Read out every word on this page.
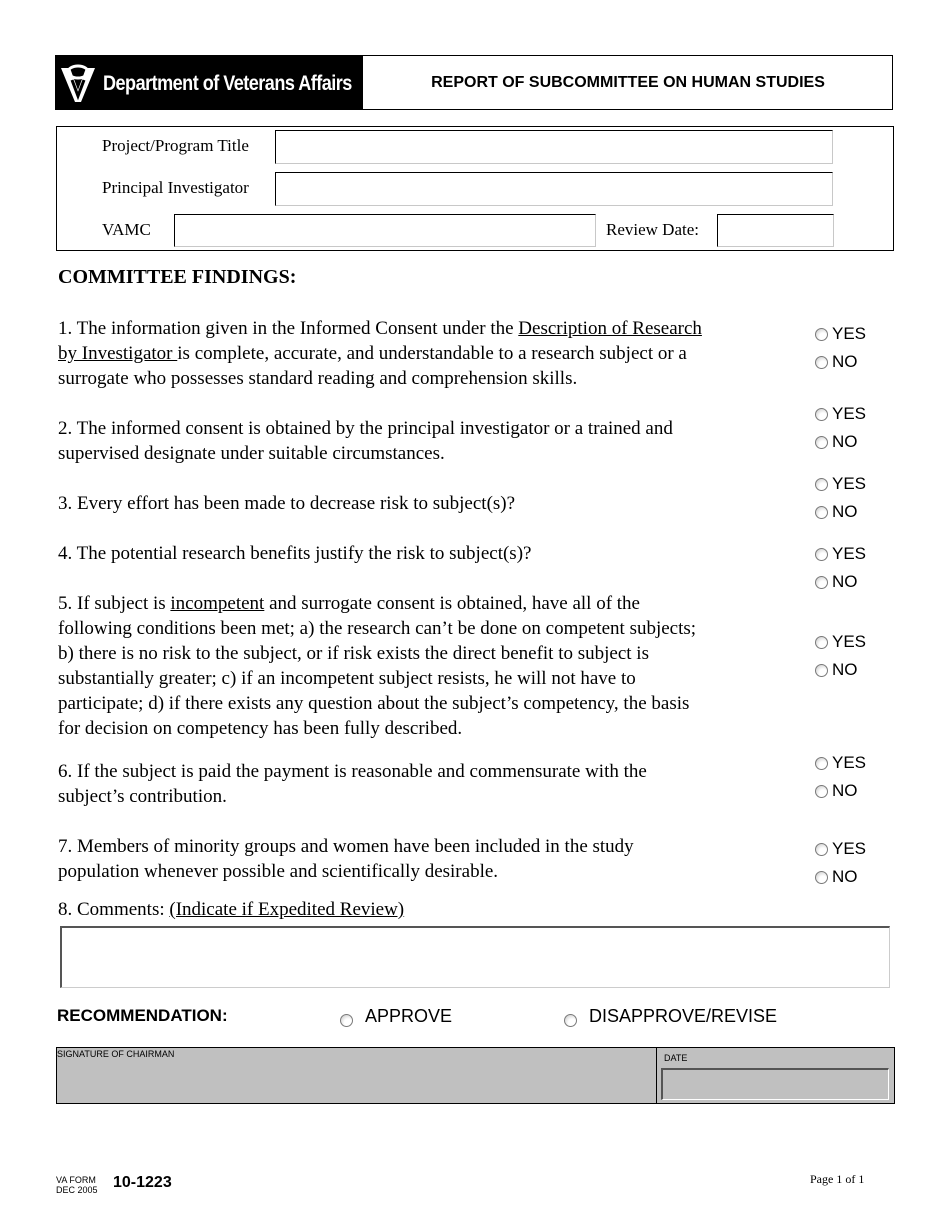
Department of Veterans Affairs	REPORT OF SUBCOMMITTEE ON HUMAN STUDIES
Project/Program Title
Principal Investigator
VAMC	Review Date:
COMMITTEE FINDINGS:
1. The information given in the Informed Consent under the Description of Research
by Investigator is complete, accurate, and understandable to a research subject or a
surrogate who possesses standard reading and comprehension skills.
YES
NO
2. The informed consent is obtained by the principal investigator or a trained and
supervised designate under suitable circumstances.
YES
NO
3. Every effort has been made to decrease risk to subject(s)?
YES
NO
4. The potential research benefits justify the risk to subject(s)?	YES
NO
5. If subject is incompetent and surrogate consent is obtained, have all of the
following conditions been met; a) the research can’t be done on competent subjects;
b) there is no risk to the subject, or if risk exists the direct benefit to subject is
substantially greater; c) if an incompetent subject resists, he will not have to
participate; d) if there exists any question about the subject’s competency, the basis
for decision on competency has been fully described.
YES
NO
6. If the subject is paid the payment is reasonable and commensurate with the
subject’s contribution.
YES
NO
7. Members of minority groups and women have been included in the study
population whenever possible and scientifically desirable.
YES
NO
8. Comments: (Indicate if Expedited Review)
RECOMMENDATION:	APPROVE	DISAPPROVE/REVISE
SIGNATURE OF CHAIRMAN	DATE
VA FORM
DEC 2005 10-1223	Page 1 of 1
